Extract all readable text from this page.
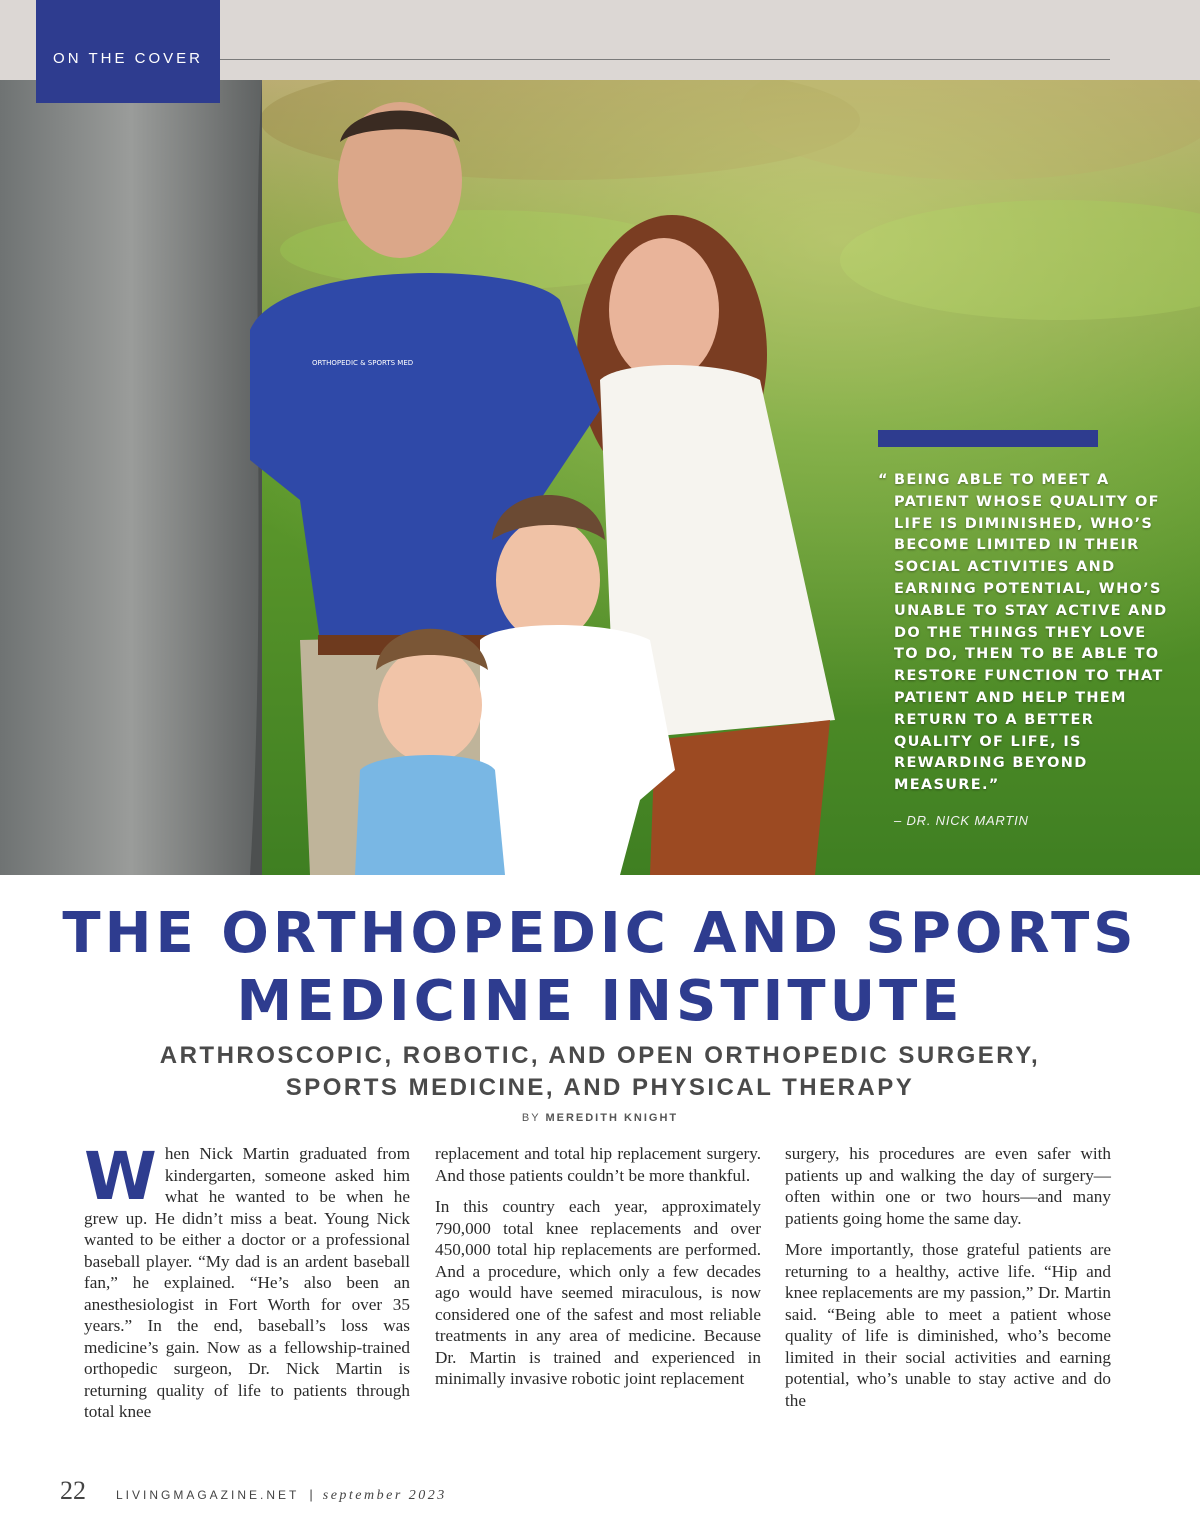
ON THE COVER
ORTHOPEDIC & SPORTS MED
“ BEING ABLE TO MEET A PATIENT WHOSE QUALITY OF LIFE IS DIMINISHED, WHO’S BECOME LIMITED IN THEIR SOCIAL ACTIVITIES AND EARNING POTENTIAL, WHO’S UNABLE TO STAY ACTIVE AND DO THE THINGS THEY LOVE TO DO, THEN TO BE ABLE TO RESTORE FUNCTION TO THAT PATIENT AND HELP THEM RETURN TO A BETTER QUALITY OF LIFE, IS REWARDING BEYOND MEASURE.”
– DR. NICK MARTIN
THE ORTHOPEDIC AND SPORTS
MEDICINE INSTITUTE
ARTHROSCOPIC, ROBOTIC, AND OPEN ORTHOPEDIC SURGERY,
SPORTS MEDICINE, AND PHYSICAL THERAPY
BY MEREDITH KNIGHT

When Nick Martin graduated from kindergarten, someone asked him what he wanted to be when he grew up. He didn’t miss a beat. Young Nick wanted to be either a doctor or a professional baseball player. “My dad is an ardent baseball fan,” he explained. “He’s also been an anesthesiologist in Fort Worth for over 35 years.” In the end, baseball’s loss was medicine’s gain. Now as a fellowship-trained orthopedic surgeon, Dr. Nick Martin is returning quality of life to patients through total knee

replacement and total hip replacement surgery. And those patients couldn’t be more thankful.

In this country each year, approximately 790,000 total knee replacements and over 450,000 total hip replacements are performed. And a procedure, which only a few decades ago would have seemed miraculous, is now considered one of the safest and most reliable treatments in any area of medicine. Because Dr. Martin is trained and experienced in minimally invasive robotic joint replacement

surgery, his procedures are even safer with patients up and walking the day of surgery—often within one or two hours—and many patients going home the same day.

More importantly, those grateful patients are returning to a healthy, active life. “Hip and knee replacements are my passion,” Dr. Martin said. “Being able to meet a patient whose quality of life is diminished, who’s become limited in their social activities and earning potential, who’s unable to stay active and do the

22	LIVINGMAGAZINE.NET | september 2023
